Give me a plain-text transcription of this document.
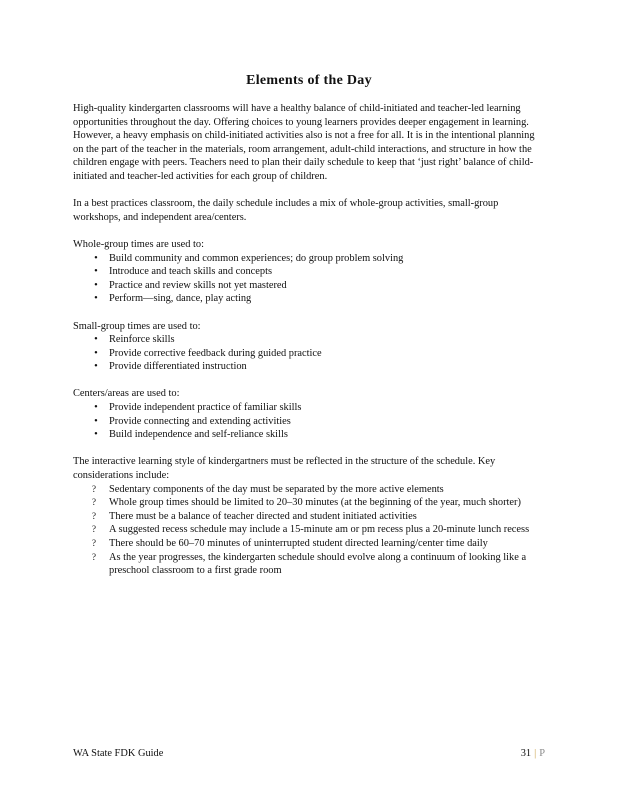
Elements of the Day

High‐quality kindergarten classrooms will have a healthy balance of child‐initiated and teacher‐led learning opportunities throughout the day. Offering choices to young learners provides deeper engagement in learning. However, a heavy emphasis on child‐initiated activities also is not a free for all. It is in the intentional planning on the part of the teacher in the materials, room arrangement, adult‐child interactions, and structure in how the children engage with peers. Teachers need to plan their daily schedule to keep that ‘just right’ balance of child‐initiated and teacher‐led activities for each group of children.

In a best practices classroom, the daily schedule includes a mix of whole‐group activities, small‐group workshops, and independent area/centers.

Whole‐group times are used to:

•	Build community and common experiences; do group problem solving
•	Introduce and teach skills and concepts
•	Practice and review skills not yet mastered
•	Perform—sing, dance, play acting

Small‐group times are used to:

•	Reinforce skills
•	Provide corrective feedback during guided practice
•	Provide differentiated instruction

Centers/areas are used to:

•	Provide independent practice of familiar skills
•	Provide connecting and extending activities
•	Build independence and self‐reliance skills

The interactive learning style of kindergartners must be reflected in the structure of the schedule. Key considerations include:

? Sedentary components of the day must be separated by the more active elements
? Whole group times should be limited to 20–30 minutes (at the beginning of the year, much shorter)
? There must be a balance of teacher directed and student initiated activities
? A suggested recess schedule may include a 15‐minute am or pm recess plus a 20‐minute lunch recess
? There should be 60–70 minutes of uninterrupted student directed learning/center time daily
? As the year progresses, the kindergarten schedule should evolve along a continuum of looking like a preschool classroom to a first grade room
WA State FDK Guide	31 | P
